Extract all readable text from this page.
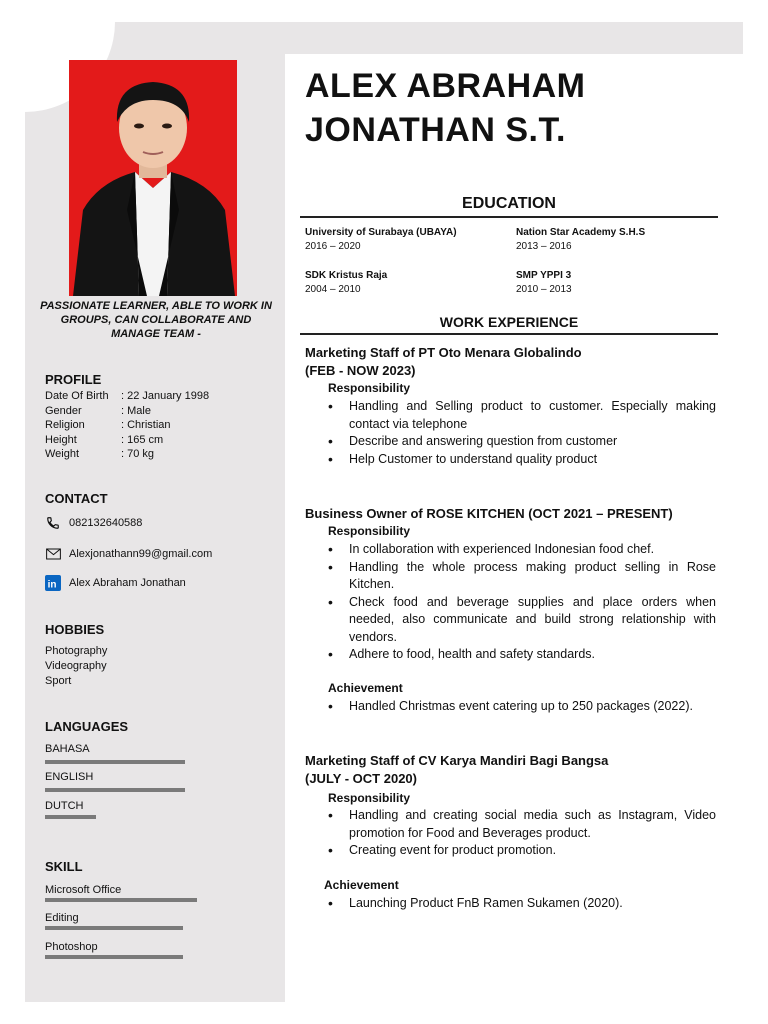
PASSIONATE LEARNER, ABLE TO WORK IN GROUPS, CAN COLLABORATE AND MANAGE TEAM -
PROFILE
Date Of Birth	: 22 January 1998
Gender	: Male
Religion	: Christian
Height	: 165 cm
Weight	: 70 kg
CONTACT
082132640588
Alexjonathann99@gmail.com
in Alex Abraham Jonathan
HOBBIES
Photography
Videography
Sport
LANGUAGES
BAHASA
ENGLISH
DUTCH
SKILL
Microsoft Office
Editing
Photoshop
ALEX ABRAHAM
JONATHAN S.T.
EDUCATION
University of Surabaya (UBAYA)
2016 – 2020
Nation Star Academy S.H.S
2013 – 2016
SDK Kristus Raja
2004 – 2010
SMP YPPI 3
2010 – 2013
WORK EXPERIENCE
Marketing Staff of PT Oto Menara Globalindo
(FEB - NOW 2023)
Responsibility
• Handling and Selling product to customer. Especially making contact via telephone
• Describe and answering question from customer
• Help Customer to understand quality product
Business Owner of ROSE KITCHEN (OCT 2021 – PRESENT)
Responsibility
• In collaboration with experienced Indonesian food chef.
• Handling the whole process making product selling in Rose Kitchen.
• Check food and beverage supplies and place orders when needed, also communicate and build strong relationship with vendors.
• Adhere to food, health and safety standards.
Achievement
• Handled Christmas event catering up to 250 packages (2022).
Marketing Staff of CV Karya Mandiri Bagi Bangsa
(JULY - OCT 2020)
Responsibility
• Handling and creating social media such as Instagram, Video promotion for Food and Beverages product.
• Creating event for product promotion.
Achievement
• Launching Product FnB Ramen Sukamen (2020).
